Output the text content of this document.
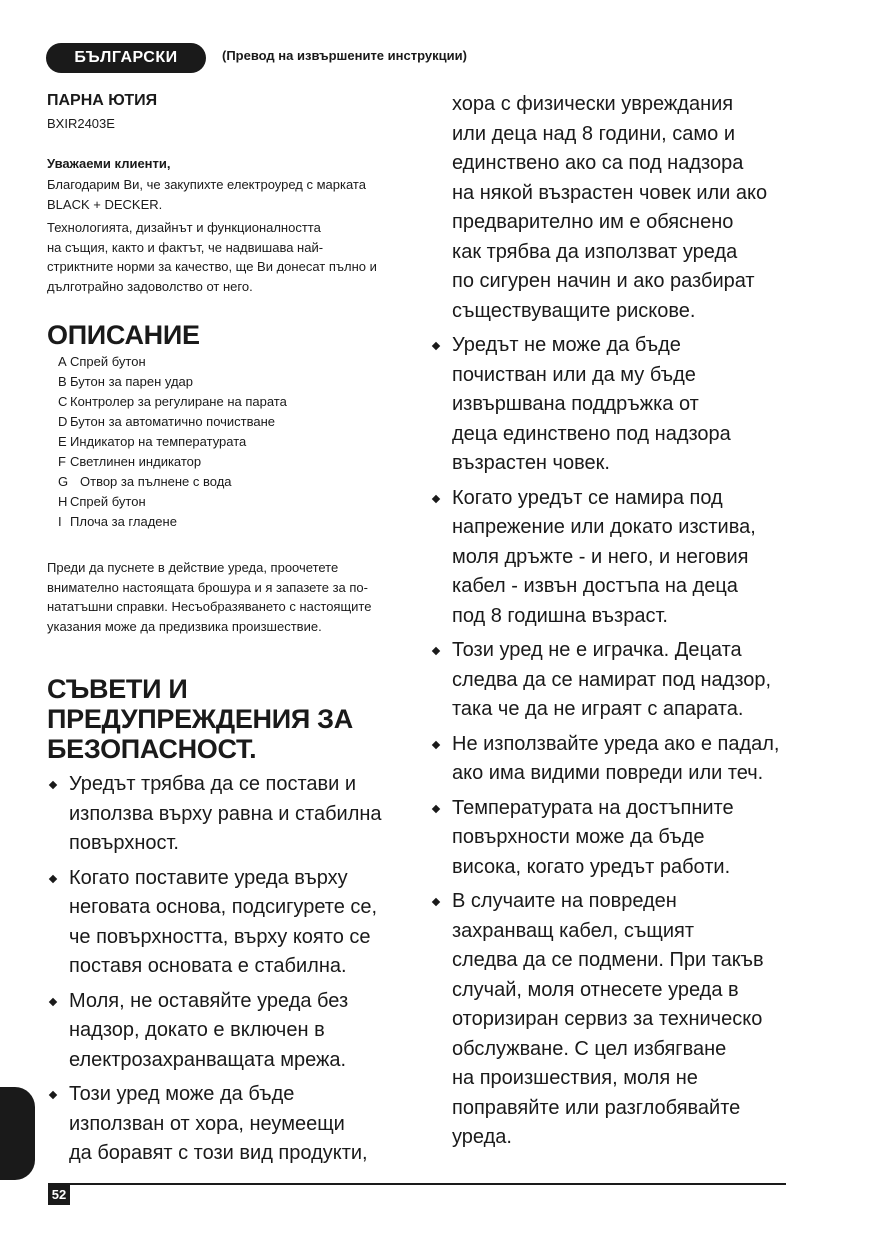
БЪЛГАРСКИ	(Превод на извършените инструкции)
ПАРНА ЮТИЯ
BXIR2403E
Уважаеми клиенти,
Благодарим Ви, че закупихте електроуред с марката
BLACK + DECKER.
Технологията, дизайнът и функционалността
на същия, както и фактът, че надвишава най-
стриктните норми за качество, ще Ви донесат пълно и
дълготрайно задоволство от него.
ОПИСАНИЕ
A Спрей бутон
B Бутон за парен удар
C Контролер за регулиране на парата
D Бутон за автоматично почистване
E Индикатор на температурата
F Светлинен индикатор
G Отвор за пълнене с вода
H Спрей бутон
I Плоча за гладене
Преди да пуснете в действие уреда, проочетете
внимателно настоящата брошура и я запазете за по-
нататъшни справки. Несъобразяването с настоящите
указания може да предизвика произшествие.
СЪВЕТИ И
ПРЕДУПРЕЖДЕНИЯ ЗА
БЕЗОПАСНОСТ.
Уредът трябва да се постави и
използва върху равна и стабилна
повърхност.
Когато поставите уреда върху
неговата основа, подсигурете се,
че повърхността, върху която се
поставя основата е стабилна.
Моля, не оставяйте уреда без
надзор, докато е включен в
електрозахранващата мрежа.
Този уред може да бъде
използван от хора, неумеещи
да боравят с този вид продукти,
хора с физически увреждания
или деца над 8 години, само и
единствено ако са под надзора
на някой възрастен човек или ако
предварително им е обяснено
как трябва да използват уреда
по сигурен начин и ако разбират
съществуващите рискове.
Уредът не може да бъде
почистван или да му бъде
извършвана поддръжка от
деца единствено под надзора
възрастен човек.
Когато уредът се намира под
напрежение или докато изстива,
моля дръжте - и него, и неговия
кабел - извън достъпа на деца
под 8 годишна възраст.
Този уред не е играчка. Децата
следва да се намират под надзор,
така че да не играят с апарата.
Не използвайте уреда ако е падал,
ако има видими повреди или теч.
Температурата на достъпните
повърхности може да бъде
висока, когато уредът работи.
В случаите на повреден
захранващ кабел, същият
следва да се подмени. При такъв
случай, моля отнесете уреда в
оторизиран сервиз за техническо
обслужване. С цел избягване
на произшествия, моля не
поправяйте или разглобявайте
уреда.
52
